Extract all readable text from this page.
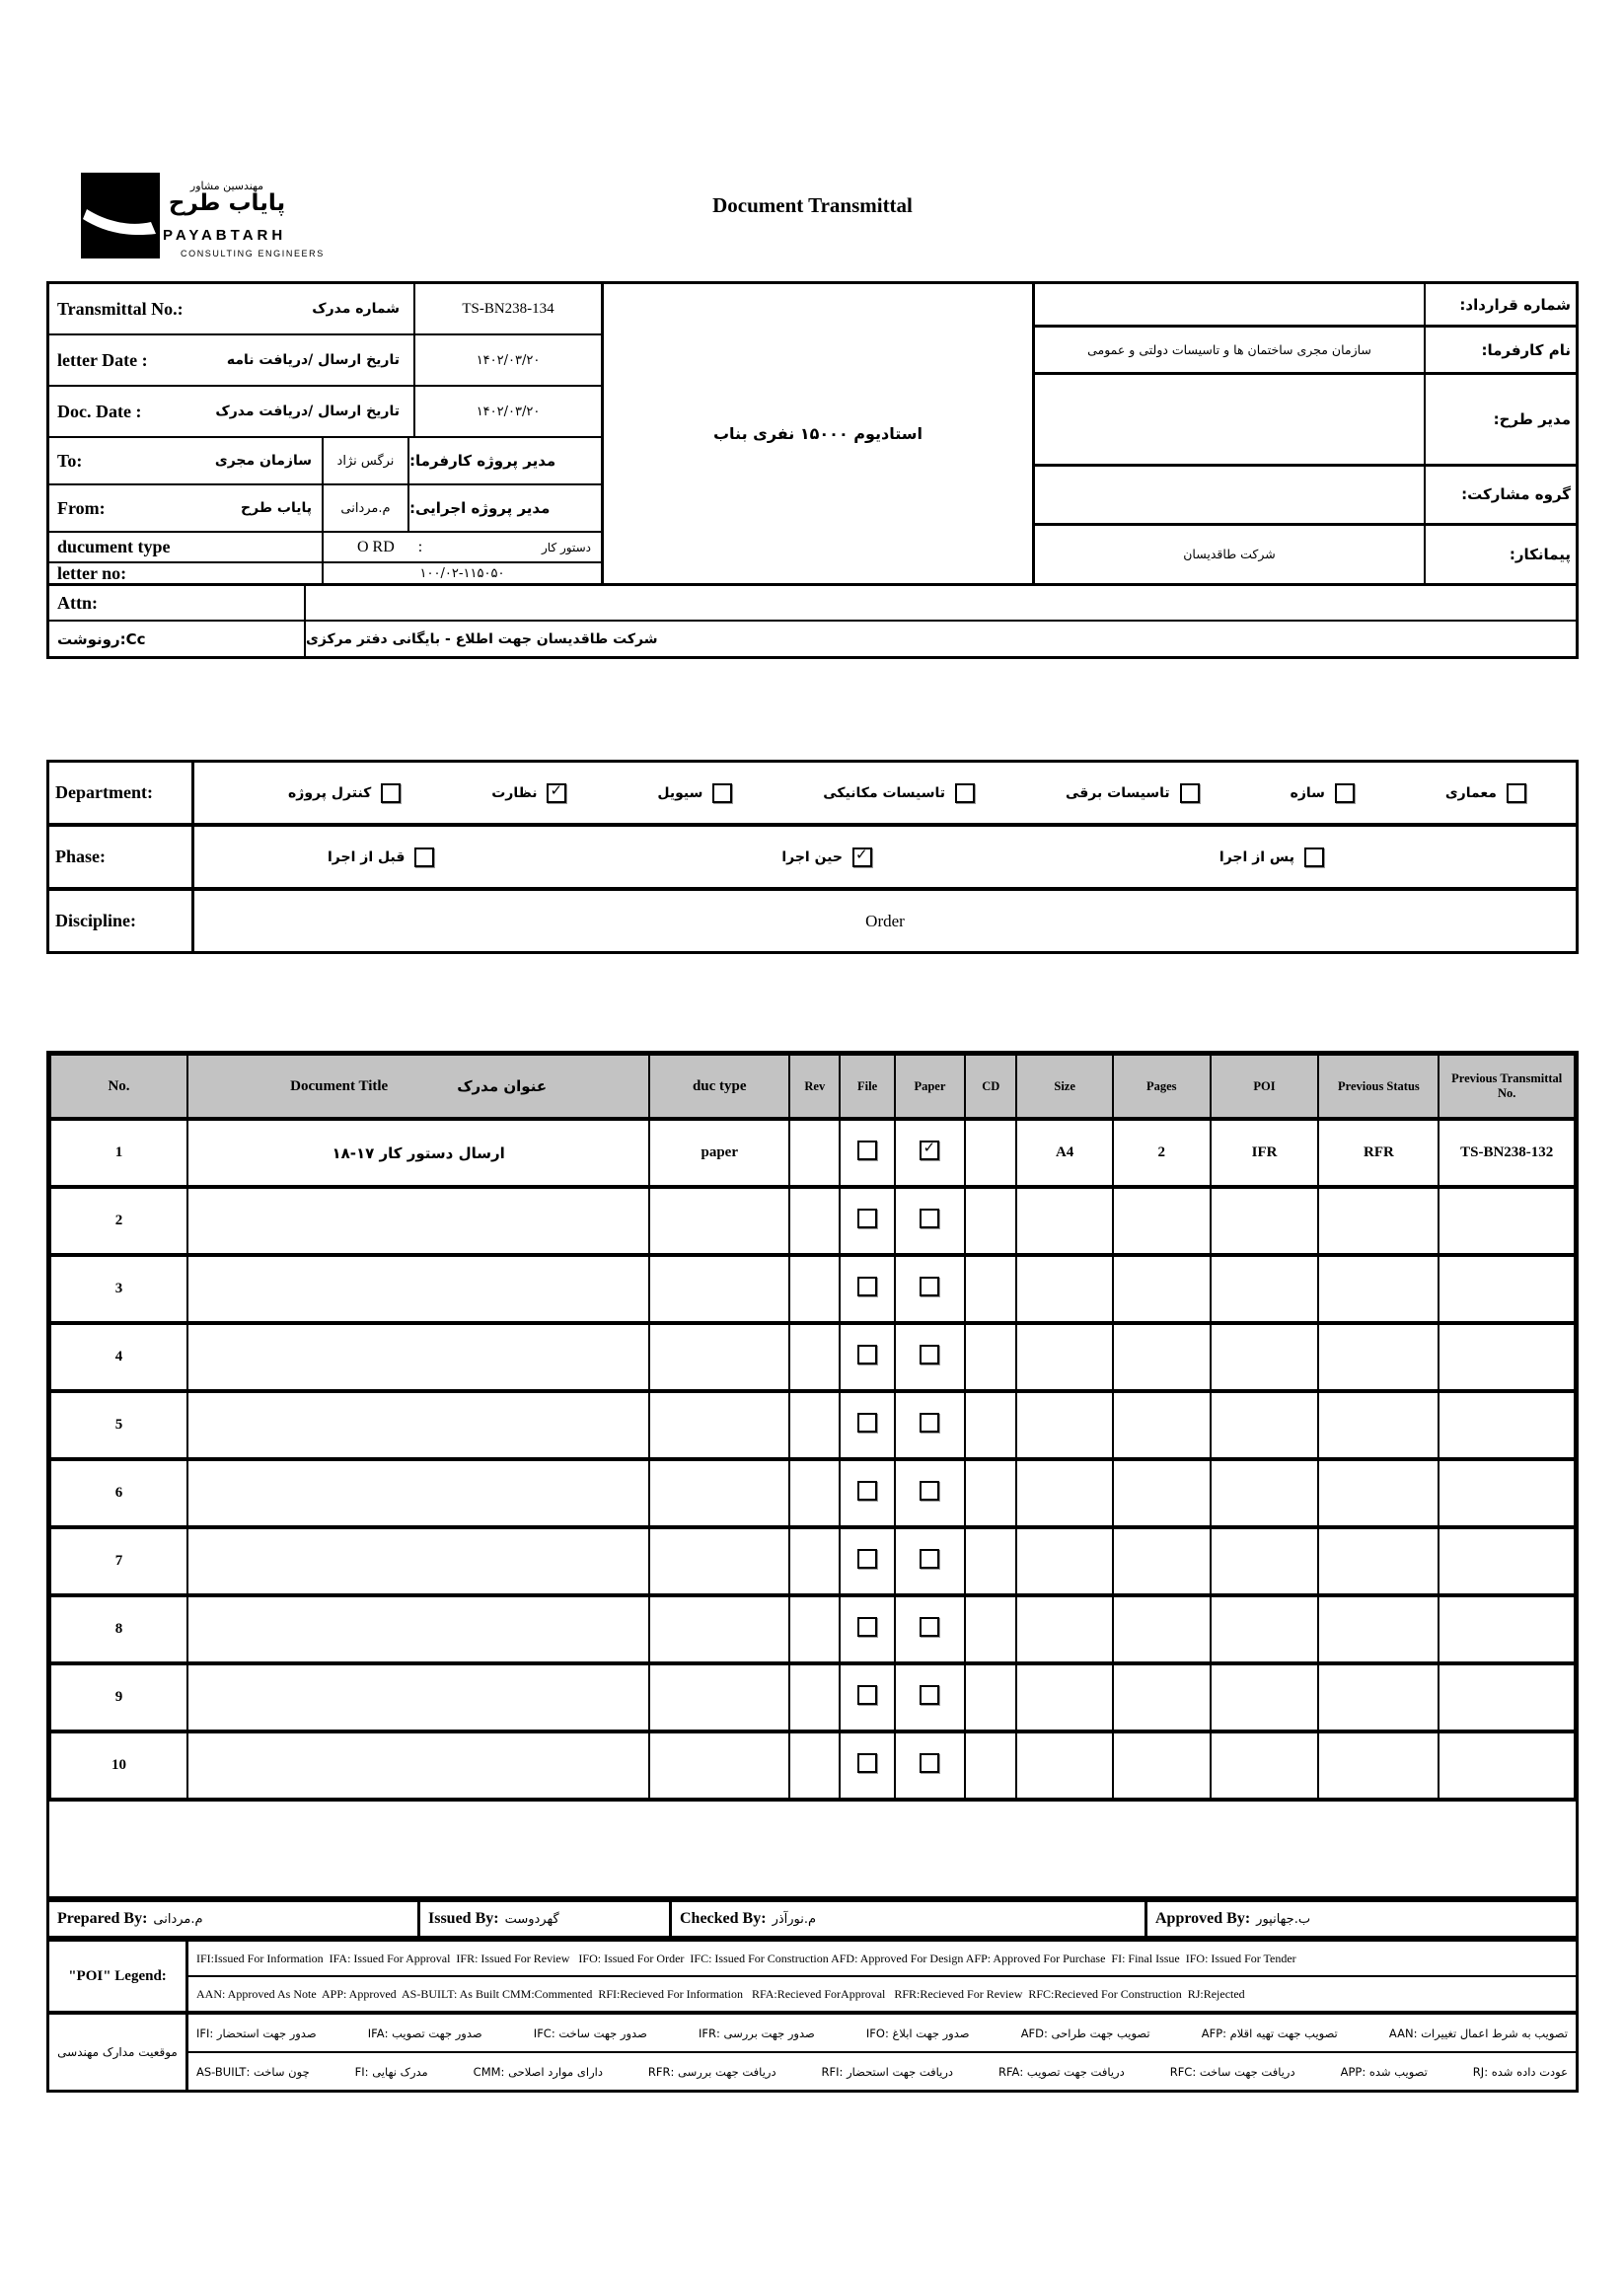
مهندسین مشاور
پایاب طرح
PAYABTARH
CONSULTING ENGINEERS
Document Transmittal
Transmittal No.:	شماره مدرک	TS-BN238-134
letter Date :	تاریخ ارسال /دریافت نامه	۱۴۰۲/۰۳/۲۰
Doc. Date :	تاریخ ارسال /دریافت مدرک	۱۴۰۲/۰۳/۲۰
To:	سازمان مجری	نرگس نژاد	مدیر پروژه کارفرما:
From:	پایاب طرح	م.مردانی	مدیر پروژه اجرایی:
ducument type	O RD      :	دستور کار
letter no:	۱۰۰/۰۲-۱۱۵۰۵۰
استادیوم ۱۵۰۰۰ نفری بناب
شماره قرارداد:
سازمان مجری ساختمان ها و تاسیسات دولتی و عمومی	نام کارفرما:
مدیر طرح:
گروه مشارکت:
شرکت طاقدیسان	پیمانکار:
Attn:
رونوشت:Cc	شرکت طاقدیسان جهت اطلاع - بایگانی دفتر مرکزی
Department:	کنترل پروژه	نظارت ✓	سیویل	تاسیسات مکانیکی	تاسیسات برقی	سازه	معماری
Phase:	قبل از اجرا	حین اجرا ✓	پس از اجرا
Discipline:	Order
No.	Document Title عنوان مدرک	duc type	Rev	File	Paper	CD	Size	Pages	POI	Previous Status	Previous Transmittal No.
1	ارسال دستور کار ۱۷-۱۸	paper			✓		A4	2	IFR	RFR	TS-BN238-132
2											
3											
4											
5											
6											
7											
8											
9											
10											
Prepared By: م.مردانی	Issued By: گهردوست	Checked By: م.نورآذر	Approved By: ب.جهانپور
"POI" Legend:
IFI:Issued For Information  IFA: Issued For Approval  IFR: Issued For Review   IFO: Issued For Order  IFC: Issued For Construction AFD: Approved For Design AFP: Approved For Purchase  FI: Final Issue  IFO: Issued For Tender
AAN: Approved As Note  APP: Approved  AS-BUILT: As Built CMM:Commented  RFI:Recieved For Information   RFA:Recieved ForApproval   RFR:Recieved For Review  RFC:Recieved For Construction  RJ:Rejected
موقعیت مدارک مهندسی
صدور جهت استحضار :IFI	صدور جهت تصویب :IFA	صدور جهت ساخت :IFC	صدور جهت بررسی :IFR	صدور جهت ابلاغ :IFO	تصویب جهت طراحی :AFD	تصویب جهت تهیه اقلام :AFP	تصویب به شرط اعمال تغییرات :AAN
چون ساخت :AS-BUILT	مدرک نهایی :FI	دارای موارد اصلاحی :CMM	دریافت جهت بررسی :RFR	دریافت جهت استحضار :RFI	دریافت جهت تصویب :RFA	دریافت جهت ساخت :RFC	تصویب شده :APP	عودت داده شده :RJ
